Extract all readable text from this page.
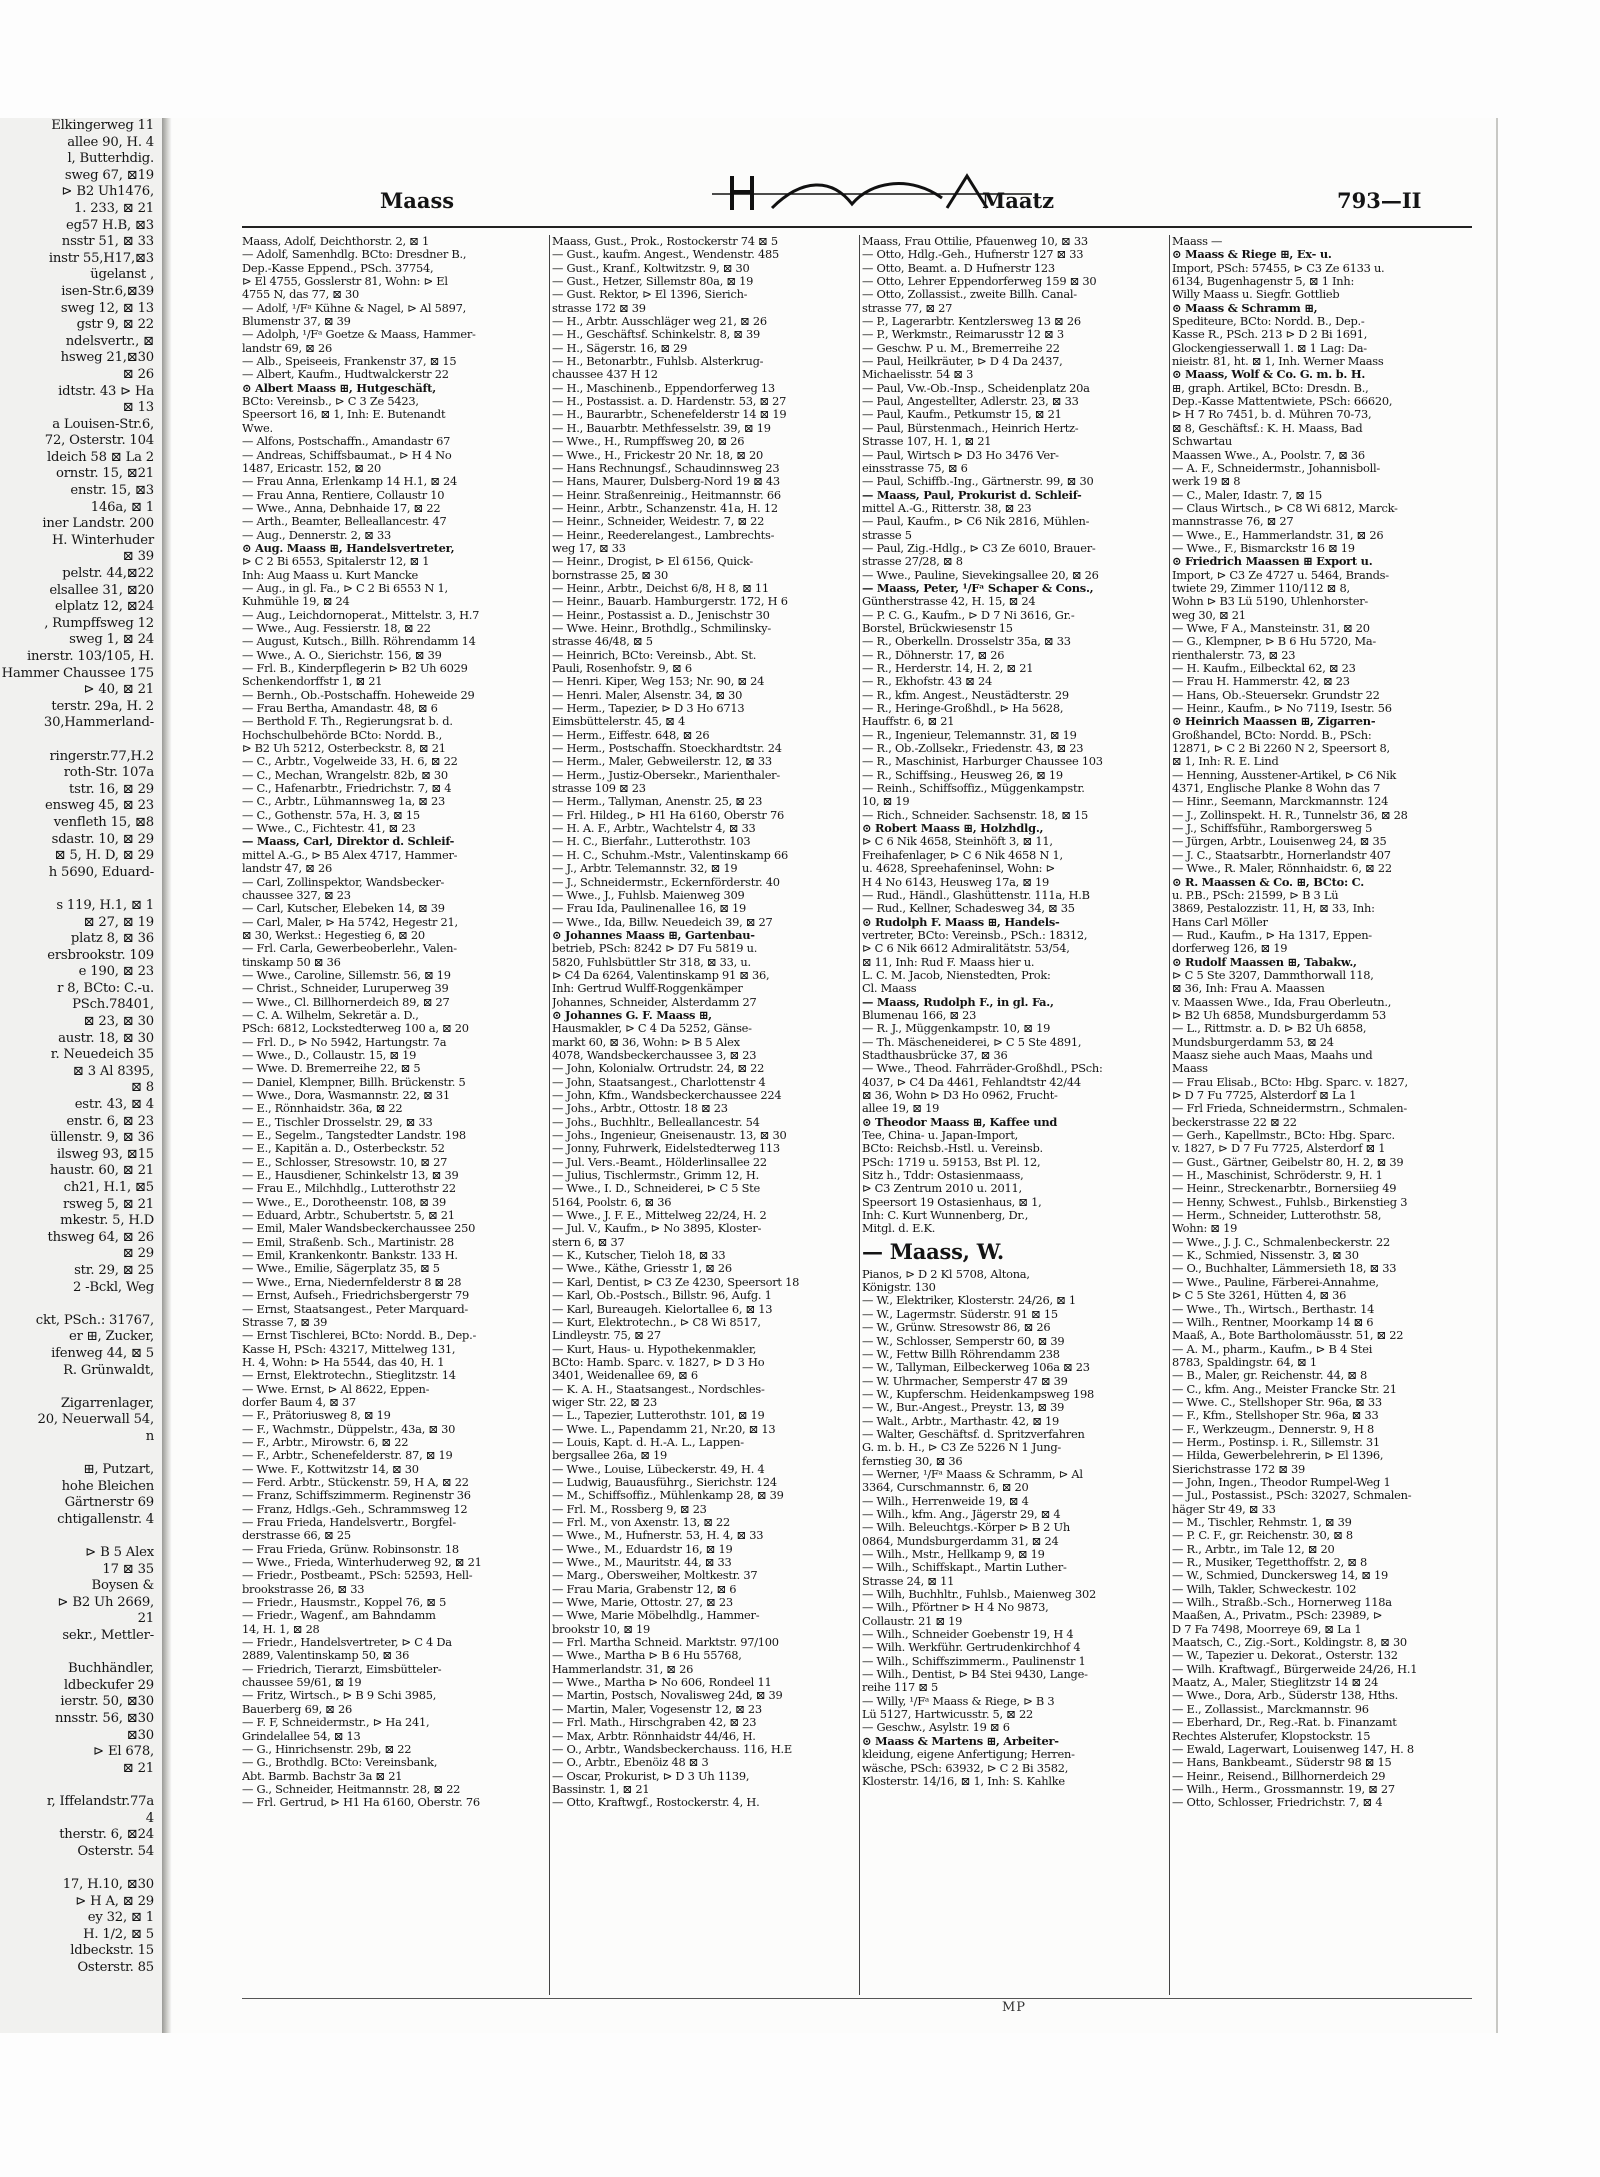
Elkingerweg 11
allee 90, H. 4
l, Butterhdig.
sweg 67, ⊠19
⊳ B2 Uh1476,
1. 233, ⊠ 21
eg57 H.B, ⊠3
nsstr 51, ⊠ 33
instr 55,H17,⊠3
ügelanst ,
isen-Str.6,⊠39
sweg 12, ⊠ 13
gstr 9, ⊠ 22
ndelsvertr., ⊠
hsweg 21,⊠30
⊠ 26
idtstr. 43 ⊳ Ha
⊠ 13
a Louisen-Str.6,
72, Osterstr. 104
ldeich 58 ⊠ La 2
ornstr. 15, ⊠21
enstr. 15, ⊠3
146a, ⊠ 1
iner Landstr. 200
H. Winterhuder
⊠ 39
pelstr. 44,⊠22
elsallee 31, ⊠20
elplatz 12, ⊠24
, Rumpffsweg 12
sweg 1, ⊠ 24
inerstr. 103/105, H.
Hammer Chaussee 175
⊳ 40, ⊠ 21
terstr. 29a, H. 2
30,Hammerland-

ringerstr.77,H.2
roth-Str. 107a
tstr. 16, ⊠ 29
ensweg 45, ⊠ 23
venfleth 15, ⊠8
sdastr. 10, ⊠ 29
⊠ 5, H. D, ⊠ 29
h 5690, Eduard-

s 119, H.1, ⊠ 1
⊠ 27, ⊠ 19
platz 8, ⊠ 36
ersbrookstr. 109
e 190, ⊠ 23
r 8, BCto: C.-u.
PSch.78401,
⊠ 23, ⊠ 30
austr. 18, ⊠ 30
r. Neuedeich 35
⊠ 3 Al 8395,
⊠ 8
estr. 43, ⊠ 4
enstr. 6, ⊠ 23
üllenstr. 9, ⊠ 36
ilsweg 93, ⊠15
haustr. 60, ⊠ 21
ch21, H.1, ⊠5
rsweg 5, ⊠ 21
mkestr. 5, H.D
thsweg 64, ⊠ 26
⊠ 29
str. 29, ⊠ 25
2 -Bckl, Weg

ckt, PSch.: 31767,
er ⊞, Zucker,
ifenweg 44, ⊠ 5
R. Grünwaldt,

Zigarrenlager,
20, Neuerwall 54,
n

⊞, Putzart,
hohe Bleichen
Gärtnerstr 69
chtigallenstr. 4

⊳ B 5 Alex
17 ⊠ 35
Boysen &
⊳ B2 Uh 2669,
21
sekr., Mettler-

Buchhändler,
ldbeckufer 29
ierstr. 50, ⊠30
nnsstr. 56, ⊠30
⊠30
⊳ El 678,
⊠ 21

r, Iffelandstr.77a
4
therstr. 6, ⊠24
Osterstr. 54

17, H.10, ⊠30
⊳ H A, ⊠ 29
ey 32, ⊠ 1
H. 1/2, ⊠ 5
ldbeckstr. 15
Osterstr. 85
Maass	Maatz	793—II
Maass, Adolf, Deichthorstr. 2, ⊠ 1
— Adolf, Samenhdlg. BCto: Dresdner B.,
Dep.-Kasse Eppend., PSch. 37754,
⊳ El 4755, Gosslerstr 81, Wohn: ⊳ El
4755 N, das 77, ⊠ 30
— Adolf, ¹/Fᵃ Kühne & Nagel, ⊳ Al 5897,
Blumenstr 37, ⊠ 39
— Adolph, ¹/Fᵃ Goetze & Maass, Hammer-
landstr 69, ⊠ 26
— Alb., Speiseeis, Frankenstr 37, ⊠ 15
— Albert, Kaufm., Hudtwalckerstr 22
⊙ Albert Maass ⊞, Hutgeschäft,
BCto: Vereinsb., ⊳ C 3 Ze 5423,
Speersort 16, ⊠ 1, Inh: E. Butenandt
Wwe.
— Alfons, Postschaffn., Amandastr 67
— Andreas, Schiffsbaumat., ⊳ H 4 No
1487, Ericastr. 152, ⊠ 20
— Frau Anna, Erlenkamp 14 H.1, ⊠ 24
— Frau Anna, Rentiere, Collaustr 10
— Wwe., Anna, Debnhaide 17, ⊠ 22
— Arth., Beamter, Belleallancestr. 47
— Aug., Dennerstr. 2, ⊠ 33
⊙ Aug. Maass ⊞, Handelsvertreter,
⊳ C 2 Bi 6553, Spitalerstr 12, ⊠ 1
Inh: Aug Maass u. Kurt Mancke
— Aug., in gl. Fa., ⊳ C 2 Bi 6553 N 1,
Kuhmühle 19, ⊠ 24
— Aug., Leichdornoperat., Mittelstr. 3, H.7
— Wwe., Aug. Fessierstr. 18, ⊠ 22
— August, Kutsch., Billh. Röhrendamm 14
— Wwe., A. O., Sierichstr. 156, ⊠ 39
— Frl. B., Kinderpflegerin ⊳ B2 Uh 6029
Schenkendorffstr 1, ⊠ 21
— Bernh., Ob.-Postschaffn. Hoheweide 29
— Frau Bertha, Amandastr. 48, ⊠ 6
— Berthold F. Th., Regierungsrat b. d.
Hochschulbehörde BCto: Nordd. B.,
⊳ B2 Uh 5212, Osterbeckstr. 8, ⊠ 21
— C., Arbtr., Vogelweide 33, H. 6, ⊠ 22
— C., Mechan, Wrangelstr. 82b, ⊠ 30
— C., Hafenarbtr., Friedrichstr. 7, ⊠ 4
— C., Arbtr., Lühmannsweg 1a, ⊠ 23
— C., Gothenstr. 57a, H. 3, ⊠ 15
— Wwe., C., Fichtestr. 41, ⊠ 23
— Maass, Carl, Direktor d. Schleif-
mittel A.-G., ⊳ B5 Alex 4717, Hammer-
landstr 47, ⊠ 26
— Carl, Zollinspektor, Wandsbecker-
chaussee 327, ⊠ 23
— Carl, Kutscher, Elebeken 14, ⊠ 39
— Carl, Maler, ⊳ Ha 5742, Hegestr 21,
⊠ 30, Werkst.: Hegestieg 6, ⊠ 20
— Frl. Carla, Gewerbeoberlehr., Valen-
tinskamp 50 ⊠ 36
— Wwe., Caroline, Sillemstr. 56, ⊠ 19
— Christ., Schneider, Luruperweg 39
— Wwe., Cl. Billhornerdeich 89, ⊠ 27
— C. A. Wilhelm, Sekretär a. D.,
PSch: 6812, Lockstedterweg 100 a, ⊠ 20
— Frl. D., ⊳ No 5942, Hartungstr. 7a
— Wwe., D., Collaustr. 15, ⊠ 19
— Wwe. D. Bremerreihe 22, ⊠ 5
— Daniel, Klempner, Billh. Brückenstr. 5
— Wwe., Dora, Wasmannstr. 22, ⊠ 31
— E., Rönnhaidstr. 36a, ⊠ 22
— E., Tischler Drosselstr. 29, ⊠ 33
— E., Segelm., Tangstedter Landstr. 198
— E., Kapitän a. D., Osterbeckstr. 52
— E., Schlosser, Stresowstr. 10, ⊠ 27
— E., Hausdiener, Schinkelstr 13, ⊠ 39
— Frau E., Milchhdlg., Lutterothstr 22
— Wwe., E., Dorotheenstr. 108, ⊠ 39
— Eduard, Arbtr., Schubertstr. 5, ⊠ 21
— Emil, Maler Wandsbeckerchaussee 250
— Emil, Straßenb. Sch., Martinistr. 28
— Emil, Krankenkontr. Bankstr. 133 H.
— Wwe., Emilie, Sägerplatz 35, ⊠ 5
— Wwe., Erna, Niedernfelderstr 8 ⊠ 28
— Ernst, Aufseh., Friedrichsbergerstr 79
— Ernst, Staatsangest., Peter Marquard-
Strasse 7, ⊠ 39
— Ernst Tischlerei, BCto: Nordd. B., Dep.-
Kasse H, PSch: 43217, Mittelweg 131,
H. 4, Wohn: ⊳ Ha 5544, das 40, H. 1
— Ernst, Elektrotechn., Stieglitzstr. 14
— Wwe. Ernst, ⊳ Al 8622, Eppen-
dorfer Baum 4, ⊠ 37
— F., Prätoriusweg 8, ⊠ 19
— F., Wachmstr., Düppelstr., 43a, ⊠ 30
— F., Arbtr., Mirowstr. 6, ⊠ 22
— F., Arbtr., Schenefelderstr. 87, ⊠ 19
— Wwe. F., Kottwitzstr 14, ⊠ 30
— Ferd. Arbtr., Stückenstr. 59, H A, ⊠ 22
— Franz, Schiffszimmerm. Reginenstr 36
— Franz, Hdlgs.-Geh., Schrammsweg 12
— Frau Frieda, Handelsvertr., Borgfel-
derstrasse 66, ⊠ 25
— Frau Frieda, Grünw. Robinsonstr. 18
— Wwe., Frieda, Winterhuderweg 92, ⊠ 21
— Friedr., Postbeamt., PSch: 52593, Hell-
brookstrasse 26, ⊠ 33
— Friedr., Hausmstr., Koppel 76, ⊠ 5
— Friedr., Wagenf., am Bahndamm
14, H. 1, ⊠ 28
— Friedr., Handelsvertreter, ⊳ C 4 Da
2889, Valentinskamp 50, ⊠ 36
— Friedrich, Tierarzt, Eimsbütteler-
chaussee 59/61, ⊠ 19
— Fritz, Wirtsch., ⊳ B 9 Schi 3985,
Bauerberg 69, ⊠ 26
— F. F, Schneidermstr., ⊳ Ha 241,
Grindelallee 54, ⊠ 13
— G., Hinrichsenstr. 29b, ⊠ 22
— G., Brothdlg. BCto: Vereinsbank,
Abt. Barmb. Bachstr 3a ⊠ 21
— G., Schneider, Heitmannstr. 28, ⊠ 22
— Frl. Gertrud, ⊳ H1 Ha 6160, Oberstr. 76
Maass, Gust., Prok., Rostockerstr 74 ⊠ 5
— Gust., kaufm. Angest., Wendenstr. 485
— Gust., Kranf., Koltwitzstr. 9, ⊠ 30
— Gust., Hetzer, Sillemstr 80a, ⊠ 19
— Gust. Rektor, ⊳ El 1396, Sierich-
strasse 172 ⊠ 39
— H., Arbtr. Ausschläger weg 21, ⊠ 26
— H., Geschäftsf. Schinkelstr. 8, ⊠ 39
— H., Sägerstr. 16, ⊠ 29
— H., Betonarbtr., Fuhlsb. Alsterkrug-
chaussee 437 H 12
— H., Maschinenb., Eppendorferweg 13
— H., Postassist. a. D. Hardenstr. 53, ⊠ 27
— H., Baurarbtr., Schenefelderstr 14 ⊠ 19
— H., Bauarbtr. Methfesselstr. 39, ⊠ 19
— Wwe., H., Rumpffsweg 20, ⊠ 26
— Wwe., H., Frickestr 20 Nr. 18, ⊠ 20
— Hans Rechnungsf., Schaudinnsweg 23
— Hans, Maurer, Dulsberg-Nord 19 ⊠ 43
— Heinr. Straßenreinig., Heitmannstr. 66
— Heinr., Arbtr., Schanzenstr. 41a, H. 12
— Heinr., Schneider, Weidestr. 7, ⊠ 22
— Heinr., Reederelangest., Lambrechts-
weg 17, ⊠ 33
— Heinr., Drogist, ⊳ El 6156, Quick-
bornstrasse 25, ⊠ 30
— Heinr., Arbtr., Deichst 6/8, H 8, ⊠ 11
— Heinr., Bauarb. Hamburgerstr. 172, H 6
— Heinr., Postassist a. D., Jenischstr 30
— Wwe. Heinr., Brothdlg., Schmilinsky-
strasse 46/48, ⊠ 5
— Heinrich, BCto: Vereinsb., Abt. St.
Pauli, Rosenhofstr. 9, ⊠ 6
— Henri. Kiper, Weg 153; Nr. 90, ⊠ 24
— Henri. Maler, Alsenstr. 34, ⊠ 30
— Herm., Tapezier, ⊳ D 3 Ho 6713
Eimsbüttelerstr. 45, ⊠ 4
— Herm., Eiffestr. 648, ⊠ 26
— Herm., Postschaffn. Stoeckhardtstr. 24
— Herm., Maler, Gebweilerstr. 12, ⊠ 33
— Herm., Justiz-Obersekr., Marienthaler-
strasse 109 ⊠ 23
— Herm., Tallyman, Anenstr. 25, ⊠ 23
— Frl. Hildeg., ⊳ H1 Ha 6160, Oberstr 76
— H. A. F., Arbtr., Wachtelstr 4, ⊠ 33
— H. C., Bierfahr., Lutterothstr. 103
— H. C., Schuhm.-Mstr., Valentinskamp 66
— J., Arbtr. Telemannstr. 32, ⊠ 19
— J., Schneidermstr., Eckernförderstr. 40
— Wwe., J., Fuhlsb. Maienweg 309
— Frau Ida, Paulinenallee 16, ⊠ 19
— Wwe., Ida, Billw. Neuedeich 39, ⊠ 27
⊙ Johannes Maass ⊞, Gartenbau-
betrieb, PSch: 8242 ⊳ D7 Fu 5819 u.
5820, Fuhlsbüttler Str 318, ⊠ 33, u.
⊳ C4 Da 6264, Valentinskamp 91 ⊠ 36,
Inh: Gertrud Wulff-Roggenkämper
Johannes, Schneider, Alsterdamm 27
⊙ Johannes G. F. Maass ⊞,
Hausmakler, ⊳ C 4 Da 5252, Gänse-
markt 60, ⊠ 36, Wohn: ⊳ B 5 Alex
4078, Wandsbeckerchaussee 3, ⊠ 23
— John, Kolonialw. Ortrudstr. 24, ⊠ 22
— John, Staatsangest., Charlottenstr 4
— John, Kfm., Wandsbeckerchaussee 224
— Johs., Arbtr., Ottostr. 18 ⊠ 23
— Johs., Buchhltr., Belleallancestr. 54
— Johs., Ingenieur, Gneisenaustr. 13, ⊠ 30
— Jonny, Fuhrwerk, Eidelstedterweg 113
— Jul. Vers.-Beamt., Hölderlinsallee 22
— Julius, Tischlermstr., Grimm 12, H.
— Wwe., I. D., Schneiderei, ⊳ C 5 Ste
5164, Poolstr. 6, ⊠ 36
— Wwe., J. F. E., Mittelweg 22/24, H. 2
— Jul. V., Kaufm., ⊳ No 3895, Kloster-
stern 6, ⊠ 37
— K., Kutscher, Tieloh 18, ⊠ 33
— Wwe., Käthe, Griesstr 1, ⊠ 26
— Karl, Dentist, ⊳ C3 Ze 4230, Speersort 18
— Karl, Ob.-Postsch., Billstr. 96, Aufg. 1
— Karl, Bureaugeh. Kielortallee 6, ⊠ 13
— Kurt, Elektrotechn., ⊳ C8 Wi 8517,
Lindleystr. 75, ⊠ 27
— Kurt, Haus- u. Hypothekenmakler,
BCto: Hamb. Sparc. v. 1827, ⊳ D 3 Ho
3401, Weidenallee 69, ⊠ 6
— K. A. H., Staatsangest., Nordschles-
wiger Str. 22, ⊠ 23
— L., Tapezier, Lutterothstr. 101, ⊠ 19
— Wwe. L., Papendamm 21, Nr.20, ⊠ 13
— Louis, Kapt. d. H.-A. L., Lappen-
bergsallee 26a, ⊠ 19
— Wwe., Louise, Lübeckerstr. 49, H. 4
— Ludwig, Bauausführg., Sierichstr. 124
— M., Schiffsoffiz., Mühlenkamp 28, ⊠ 39
— Frl. M., Rossberg 9, ⊠ 23
— Frl. M., von Axenstr. 13, ⊠ 22
— Wwe., M., Hufnerstr. 53, H. 4, ⊠ 33
— Wwe., M., Eduardstr 16, ⊠ 19
— Wwe., M., Mauritstr. 44, ⊠ 33
— Marg., Obersweiher, Moltkestr. 37
— Frau Maria, Grabenstr 12, ⊠ 6
— Wwe, Marie, Ottostr. 27, ⊠ 23
— Wwe, Marie Möbelhdlg., Hammer-
brookstr 10, ⊠ 19
— Frl. Martha Schneid. Marktstr. 97/100
— Wwe., Martha ⊳ B 6 Hu 55768,
Hammerlandstr. 31, ⊠ 26
— Wwe., Martha ⊳ No 606, Rondeel 11
— Martin, Postsch, Novalisweg 24d, ⊠ 39
— Martin, Maler, Vogesenstr 12, ⊠ 23
— Frl. Math., Hirschgraben 42, ⊠ 23
— Max, Arbtr. Rönnhaidstr 44/46, H.
— O., Arbtr., Wandsbeckerchauss. 116, H.E
— O., Arbtr., Ebenöiz 48 ⊠ 3
— Oscar, Prokurist, ⊳ D 3 Uh 1139,
Bassinstr. 1, ⊠ 21
— Otto, Kraftwgf., Rostockerstr. 4, H.
Maass, Frau Ottilie, Pfauenweg 10, ⊠ 33
— Otto, Hdlg.-Geh., Hufnerstr 127 ⊠ 33
— Otto, Beamt. a. D Hufnerstr 123
— Otto, Lehrer Eppendorferweg 159 ⊠ 30
— Otto, Zollassist., zweite Billh. Canal-
strasse 77, ⊠ 27
— P., Lagerarbtr. Kentzlersweg 13 ⊠ 26
— P., Werkmstr., Reimarusstr 12 ⊠ 3
— Geschw. P u. M., Bremerreihe 22
— Paul, Heilkräuter, ⊳ D 4 Da 2437,
Michaelisstr. 54 ⊠ 3
— Paul, Vw.-Ob.-Insp., Scheidenplatz 20a
— Paul, Angestellter, Adlerstr. 23, ⊠ 33
— Paul, Kaufm., Petkumstr 15, ⊠ 21
— Paul, Bürstenmach., Heinrich Hertz-
Strasse 107, H. 1, ⊠ 21
— Paul, Wirtsch ⊳ D3 Ho 3476 Ver-
einsstrasse 75, ⊠ 6
— Paul, Schiffb.-Ing., Gärtnerstr. 99, ⊠ 30
— Maass, Paul, Prokurist d. Schleif-
mittel A.-G., Ritterstr. 38, ⊠ 23
— Paul, Kaufm., ⊳ C6 Nik 2816, Mühlen-
strasse 5
— Paul, Zig.-Hdlg., ⊳ C3 Ze 6010, Brauer-
strasse 27/28, ⊠ 8
— Wwe., Pauline, Sievekingsallee 20, ⊠ 26
— Maass, Peter, ¹/Fᵃ Schaper & Cons.,
Güntherstrasse 42, H. 15, ⊠ 24
— P. C. G., Kaufm., ⊳ D 7 Ni 3616, Gr.-
Borstel, Brückwiesenstr 15
— R., Oberkelln. Drosselstr 35a, ⊠ 33
— R., Döhnerstr. 17, ⊠ 26
— R., Herderstr. 14, H. 2, ⊠ 21
— R., Ekhofstr. 43 ⊠ 24
— R., kfm. Angest., Neustädterstr. 29
— R., Heringe-Großhdl., ⊳ Ha 5628,
Hauffstr. 6, ⊠ 21
— R., Ingenieur, Telemannstr. 31, ⊠ 19
— R., Ob.-Zollsekr., Friedenstr. 43, ⊠ 23
— R., Maschinist, Harburger Chaussee 103
— R., Schiffsing., Heusweg 26, ⊠ 19
— Reinh., Schiffsoffiz., Müggenkampstr.
10, ⊠ 19
— Rich., Schneider. Sachsenstr. 18, ⊠ 15
⊙ Robert Maass ⊞, Holzhdlg.,
⊳ C 6 Nik 4658, Steinhöft 3, ⊠ 11,
Freihafenlager, ⊳ C 6 Nik 4658 N 1,
u. 4628, Spreehafeninsel, Wohn: ⊳
H 4 No 6143, Heusweg 17a, ⊠ 19
— Rud., Händl., Glashüttenstr. 111a, H.B
— Rud., Kellner, Schadesweg 34, ⊠ 35
⊙ Rudolph F. Maass ⊞, Handels-
vertreter, BCto: Vereinsb., PSch.: 18312,
⊳ C 6 Nik 6612 Admiralitätstr. 53/54,
⊠ 11, Inh: Rud F. Maass hier u.
L. C. M. Jacob, Nienstedten, Prok:
Cl. Maass
— Maass, Rudolph F., in gl. Fa.,
Blumenau 166, ⊠ 23
— R. J., Müggenkampstr. 10, ⊠ 19
— Th. Mäscheneiderei, ⊳ C 5 Ste 4891,
Stadthausbrücke 37, ⊠ 36
— Wwe., Theod. Fahrräder-Großhdl., PSch:
4037, ⊳ C4 Da 4461, Fehlandtstr 42/44
⊠ 36, Wohn ⊳ D3 Ho 0962, Frucht-
allee 19, ⊠ 19
⊙ Theodor Maass ⊞, Kaffee und
Tee, China- u. Japan-Import,
BCto: Reichsb.-Hstl. u. Vereinsb.
PSch: 1719 u. 59153, Bst Pl. 12,
Sitz h., Tddr: Ostasienmaass,
⊳ C3 Zentrum 2010 u. 2011,
Speersort 19 Ostasienhaus, ⊠ 1,
Inh: C. Kurt Wunnenberg, Dr.,
Mitgl. d. E.K.
— Maass, W.
Pianos, ⊳ D 2 Kl 5708, Altona,
Königstr. 130
— W., Elektriker, Klosterstr. 24/26, ⊠ 1
— W., Lagermstr. Süderstr. 91 ⊠ 15
— W., Grünw. Stresowstr 86, ⊠ 26
— W., Schlosser, Semperstr 60, ⊠ 39
— W., Fettw Billh Röhrendamm 238
— W., Tallyman, Eilbeckerweg 106a ⊠ 23
— W. Uhrmacher, Semperstr 47 ⊠ 39
— W., Kupferschm. Heidenkampsweg 198
— W., Bur.-Angest., Preystr. 13, ⊠ 39
— Walt., Arbtr., Marthastr. 42, ⊠ 19
— Walter, Geschäftsf. d. Spritzverfahren
G. m. b. H., ⊳ C3 Ze 5226 N 1 Jung-
fernstieg 30, ⊠ 36
— Werner, ¹/Fᵃ Maass & Schramm, ⊳ Al
3364, Curschmannstr. 6, ⊠ 20
— Wilh., Herrenweide 19, ⊠ 4
— Wilh., kfm. Ang., Jägerstr 29, ⊠ 4
— Wilh. Beleuchtgs.-Körper ⊳ B 2 Uh
0864, Mundsburgerdamm 31, ⊠ 24
— Wilh., Mstr., Hellkamp 9, ⊠ 19
— Wilh., Schiffskapt., Martin Luther-
Strasse 24, ⊠ 11
— Wilh, Buchhltr., Fuhlsb., Maienweg 302
— Wilh., Pförtner ⊳ H 4 No 9873,
Collaustr. 21 ⊠ 19
— Wilh., Schneider Goebenstr 19, H 4
— Wilh. Werkführ. Gertrudenkirchhof 4
— Wilh., Schiffszimmerm., Paulinenstr 1
— Wilh., Dentist, ⊳ B4 Stei 9430, Lange-
reihe 117 ⊠ 5
— Willy, ¹/Fᵃ Maass & Riege, ⊳ B 3
Lü 5127, Hartwicusstr. 5, ⊠ 22
— Geschw., Asylstr. 19 ⊠ 6
⊙ Maass & Martens ⊞, Arbeiter-
kleidung, eigene Anfertigung; Herren-
wäsche, PSch: 63932, ⊳ C 2 Bi 3582,
Klosterstr. 14/16, ⊠ 1, Inh: S. Kahlke
Maass —
⊙ Maass & Riege ⊞, Ex- u.
Import, PSch: 57455, ⊳ C3 Ze 6133 u.
6134, Bugenhagenstr 5, ⊠ 1 Inh:
Willy Maass u. Siegfr. Gottlieb
⊙ Maass & Schramm ⊞,
Spediteure, BCto: Nordd. B., Dep.-
Kasse R., PSch. 213 ⊳ D 2 Bi 1691,
Glockengiesserwall 1. ⊠ 1 Lag: Da-
nieistr. 81, ht. ⊠ 1, Inh. Werner Maass
⊙ Maass, Wolf & Co. G. m. b. H.
⊞, graph. Artikel, BCto: Dresdn. B.,
Dep.-Kasse Mattentwiete, PSch: 66620,
⊳ H 7 Ro 7451, b. d. Mühren 70-73,
⊠ 8, Geschäftsf.: K. H. Maass, Bad
Schwartau
Maassen Wwe., A., Poolstr. 7, ⊠ 36
— A. F., Schneidermstr., Johannisboll-
werk 19 ⊠ 8
— C., Maler, Idastr. 7, ⊠ 15
— Claus Wirtsch., ⊳ C8 Wi 6812, Marck-
mannstrasse 76, ⊠ 27
— Wwe., E., Hammerlandstr. 31, ⊠ 26
— Wwe., F., Bismarckstr 16 ⊠ 19
⊙ Friedrich Maassen ⊞ Export u.
Import, ⊳ C3 Ze 4727 u. 5464, Brands-
twiete 29, Zimmer 110/112 ⊠ 8,
Wohn ⊳ B3 Lü 5190, Uhlenhorster-
weg 30, ⊠ 21
— Wwe, F A., Mansteinstr. 31, ⊠ 20
— G., Klempner, ⊳ B 6 Hu 5720, Ma-
rienthalerstr. 73, ⊠ 23
— H. Kaufm., Eilbecktal 62, ⊠ 23
— Frau H. Hammerstr. 42, ⊠ 23
— Hans, Ob.-Steuersekr. Grundstr 22
— Heinr., Kaufm., ⊳ No 7119, Isestr. 56
⊙ Heinrich Maassen ⊞, Zigarren-
Großhandel, BCto: Nordd. B., PSch:
12871, ⊳ C 2 Bi 2260 N 2, Speersort 8,
⊠ 1, Inh: R. E. Lind
— Henning, Ausstener-Artikel, ⊳ C6 Nik
4371, Englische Planke 8 Wohn das 7
— Hinr., Seemann, Marckmannstr. 124
— J., Zollinspekt. H. R., Tunnelstr 36, ⊠ 28
— J., Schiffsführ., Ramborgersweg 5
— Jürgen, Arbtr., Louisenweg 24, ⊠ 35
— J. C., Staatsarbtr., Hornerlandstr 407
— Wwe., R. Maler, Rönnhaidstr. 6, ⊠ 22
⊙ R. Maassen & Co. ⊞, BCto: C.
u. P.B., PSch: 21599, ⊳ B 3 Lü
3869, Pestalozzistr. 11, H, ⊠ 33, Inh:
Hans Carl Möller
— Rud., Kaufm., ⊳ Ha 1317, Eppen-
dorferweg 126, ⊠ 19
⊙ Rudolf Maassen ⊞, Tabakw.,
⊳ C 5 Ste 3207, Dammthorwall 118,
⊠ 36, Inh: Frau A. Maassen
v. Maassen Wwe., Ida, Frau Oberleutn.,
⊳ B2 Uh 6858, Mundsburgerdamm 53
— L., Rittmstr. a. D. ⊳ B2 Uh 6858,
Mundsburgerdamm 53, ⊠ 24
Maasz siehe auch Maas, Maahs und
Maass
— Frau Elisab., BCto: Hbg. Sparc. v. 1827,
⊳ D 7 Fu 7725, Alsterdorf ⊠ La 1
— Frl Frieda, Schneidermstrn., Schmalen-
beckerstrasse 22 ⊠ 22
— Gerh., Kapellmstr., BCto: Hbg. Sparc.
v. 1827, ⊳ D 7 Fu 7725, Alsterdorf ⊠ 1
— Gust., Gärtner, Geibelstr 80, H. 2, ⊠ 39
— H., Maschinist, Schröderstr. 9, H. 1
— Heinr., Streckenarbtr., Bornersiieg 49
— Henny, Schwest., Fuhlsb., Birkenstieg 3
— Herm., Schneider, Lutterothstr. 58,
Wohn: ⊠ 19
— Wwe., J. J. C., Schmalenbeckerstr. 22
— K., Schmied, Nissenstr. 3, ⊠ 30
— O., Buchhalter, Lämmersieth 18, ⊠ 33
— Wwe., Pauline, Färberei-Annahme,
⊳ C 5 Ste 3261, Hütten 4, ⊠ 36
— Wwe., Th., Wirtsch., Berthastr. 14
— Wilh., Rentner, Moorkamp 14 ⊠ 6
Maaß, A., Bote Bartholomäusstr. 51, ⊠ 22
— A. M., pharm., Kaufm., ⊳ B 4 Stei
8783, Spaldingstr. 64, ⊠ 1
— B., Maler, gr. Reichenstr. 44, ⊠ 8
— C., kfm. Ang., Meister Francke Str. 21
— Wwe. C., Stellshoper Str. 96a, ⊠ 33
— F., Kfm., Stellshoper Str. 96a, ⊠ 33
— F., Werkzeugm., Dennerstr. 9, H 8
— Herm., Postinsp. i. R., Sillemstr. 31
— Hilda, Gewerbelehrerin, ⊳ El 1396,
Sierichstrasse 172 ⊠ 39
— John, Ingen., Theodor Rumpel-Weg 1
— Jul., Postassist., PSch: 32027, Schmalen-
häger Str 49, ⊠ 33
— M., Tischler, Rehmstr. 1, ⊠ 39
— P. C. F., gr. Reichenstr. 30, ⊠ 8
— R., Arbtr., im Tale 12, ⊠ 20
— R., Musiker, Tegetthoffstr. 2, ⊠ 8
— W., Schmied, Dunckersweg 14, ⊠ 19
— Wilh, Takler, Schweckestr. 102
— Wilh., Straßb.-Sch., Hornerweg 118a
Maaßen, A., Privatm., PSch: 23989, ⊳
D 7 Fa 7498, Moorreye 69, ⊠ La 1
Maatsch, C., Zig.-Sort., Koldingstr. 8, ⊠ 30
— W., Tapezier u. Dekorat., Osterstr. 132
— Wilh. Kraftwagf., Bürgerweide 24/26, H.1
Maatz, A., Maler, Stieglitzstr 14 ⊠ 24
— Wwe., Dora, Arb., Süderstr 138, Hths.
— E., Zollassist., Marckmannstr. 96
— Eberhard, Dr., Reg.-Rat. b. Finanzamt
Rechtes Alsterufer, Klopstockstr. 15
— Ewald, Lagerwart, Louisenweg 147, H. 8
— Hans, Bankbeamt., Süderstr 98 ⊠ 15
— Heinr., Reisend., Billhornerdeich 29
— Wilh., Herm., Grossmannstr. 19, ⊠ 27
— Otto, Schlosser, Friedrichstr. 7, ⊠ 4
MP
